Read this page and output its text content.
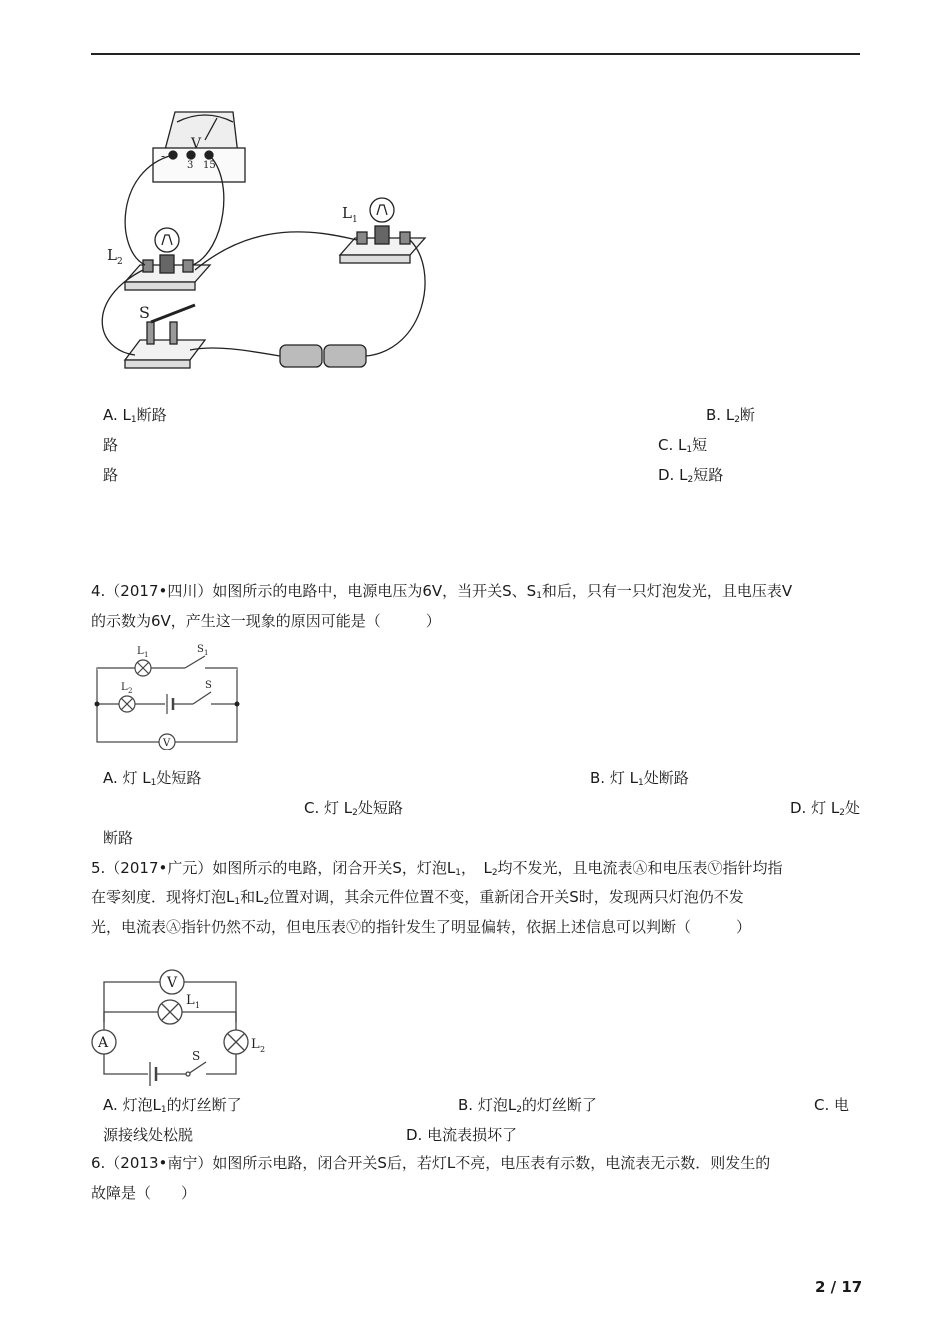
V
3 15
-
L 1
L 2
S
A. $L_1$断路	B. $L_2$断
路	C. $L_1$短
路	D. $L_2$短路
4.（2017•四川）如图所示的电路中，电源电压为6V，当开关S、$S_1$和后，只有一只灯泡发光，且电压表V
的示数为6V，产生这一现象的原因可能是（　　　）
L 1	S 1
L 2	S
V
A. 灯 $L_1$处短路	B. 灯 $L_1$处断路
C. 灯 $L_2$处短路	D. 灯 $L_2$处
断路
5.（2017•广元）如图所示的电路，闭合开关S，灯泡$L_1$，　$L_2$均不发光，且电流表Ⓐ和电压表Ⓥ指针均指
在零刻度．现将灯泡$L_1$和$L_2$位置对调，其余元件位置不变，重新闭合开关S时，发现两只灯泡仍不发
光，电流表Ⓐ指针仍然不动，但电压表Ⓥ的指针发生了明显偏转，依据上述信息可以判断（　　　）
V
A
L 1
L 2
S
A. 灯泡$L_1$的灯丝断了	B. 灯泡$L_2$的灯丝断了	C. 电
源接线处松脱	D. 电流表损坏了
6.（2013•南宁）如图所示电路，闭合开关S后，若灯L不亮，电压表有示数，电流表无示数．则发生的
故障是（　　）
2 / 17
